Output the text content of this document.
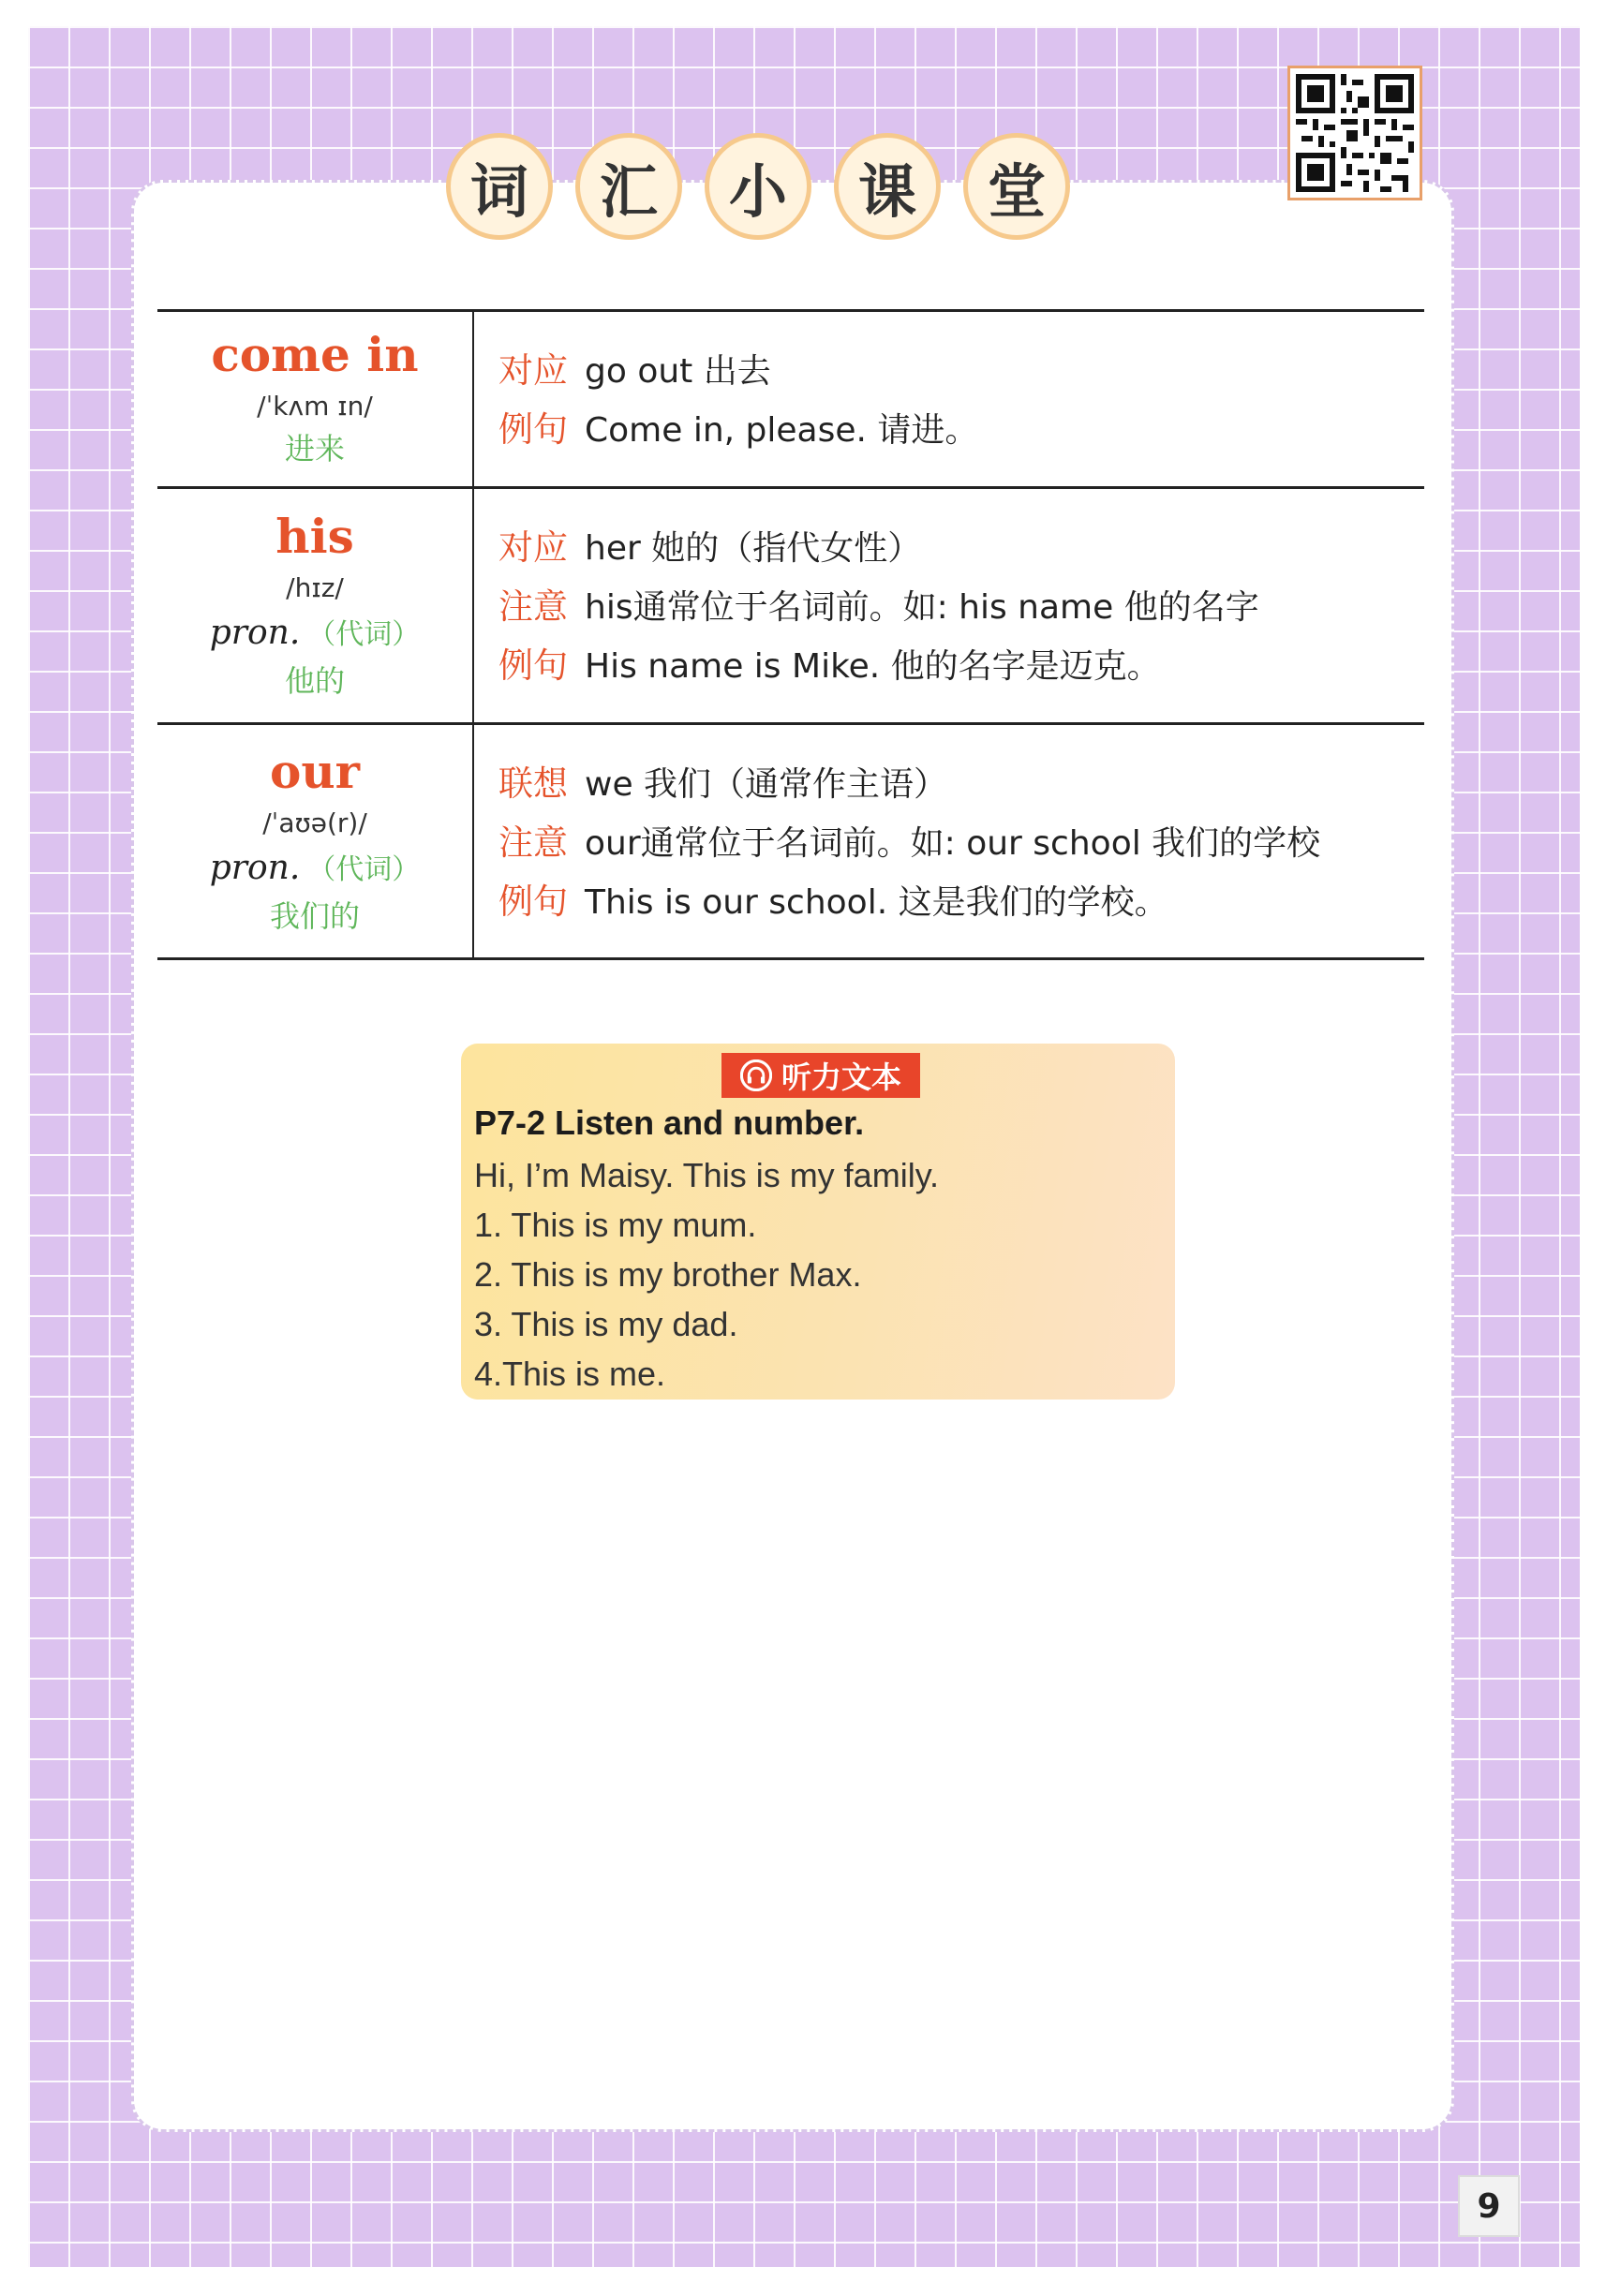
词	汇	小	课	堂
come in
/ˈkʌm ɪn/
进来
对应 go out 出去
例句 Come in, please. 请进。
his
/hɪz/
pron. （代词）
他的
对应 her 她的（指代女性）
注意 his通常位于名词前。如: his name 他的名字
例句 His name is Mike. 他的名字是迈克。
our
/ˈaʊə(r)/
pron. （代词）
我们的
联想 we 我们（通常作主语）
注意 our通常位于名词前。如: our school 我们的学校
例句 This is our school. 这是我们的学校。
听力文本
P7-2 Listen and number.
Hi, I’m Maisy. This is my family.
1. This is my mum.
2. This is my brother Max.
3. This is my dad.
4.This is me.
9
